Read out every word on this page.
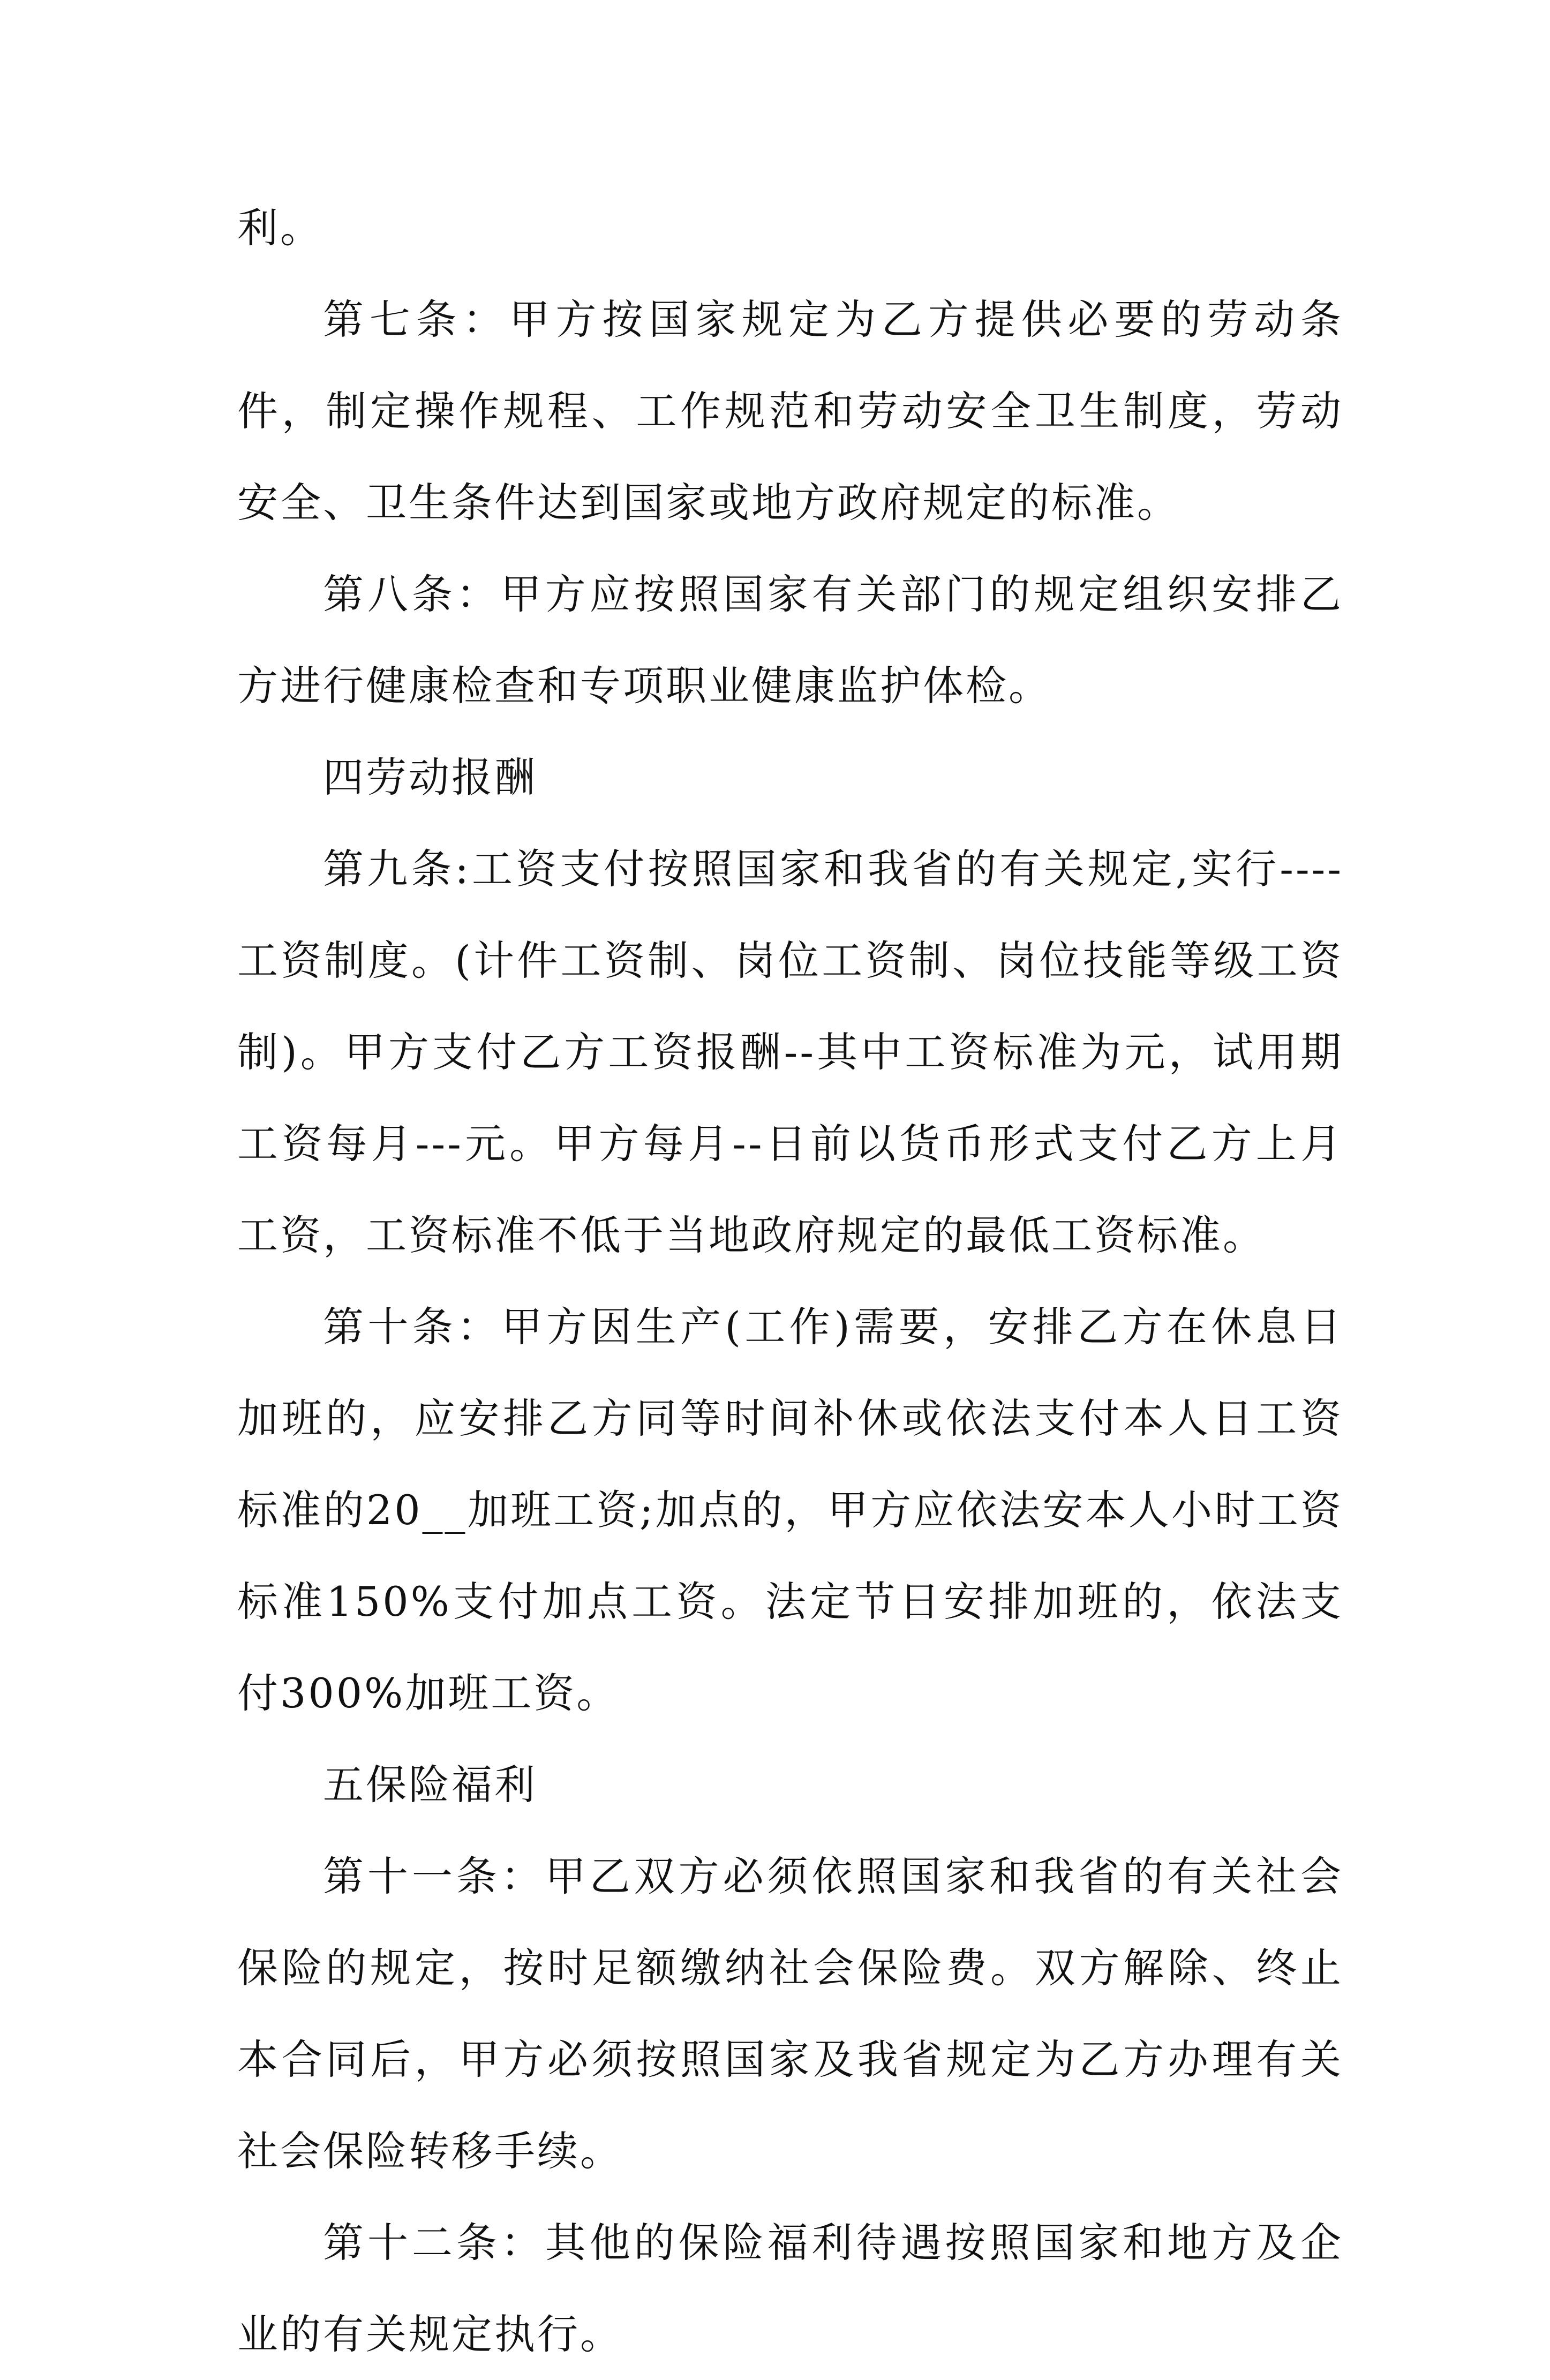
利。

第七条：甲方按国家规定为乙方提供必要的劳动条件，制定操作规程、工作规范和劳动安全卫生制度，劳动安全、卫生条件达到国家或地方政府规定的标准。

第八条：甲方应按照国家有关部门的规定组织安排乙方进行健康检查和专项职业健康监护体检。

四劳动报酬

第九条:工资支付按照国家和我省的有关规定,实行----工资制度。(计件工资制、岗位工资制、岗位技能等级工资制)。甲方支付乙方工资报酬--其中工资标准为元，试用期工资每月---元。甲方每月--日前以货币形式支付乙方上月工资，工资标准不低于当地政府规定的最低工资标准。

第十条：甲方因生产(工作)需要，安排乙方在休息日加班的，应安排乙方同等时间补休或依法支付本人日工资标准的20__加班工资;加点的，甲方应依法安本人小时工资标准150%支付加点工资。法定节日安排加班的，依法支付300%加班工资。

五保险福利

第十一条：甲乙双方必须依照国家和我省的有关社会保险的规定，按时足额缴纳社会保险费。双方解除、终止本合同后，甲方必须按照国家及我省规定为乙方办理有关社会保险转移手续。

第十二条：其他的保险福利待遇按照国家和地方及企业的有关规定执行。
